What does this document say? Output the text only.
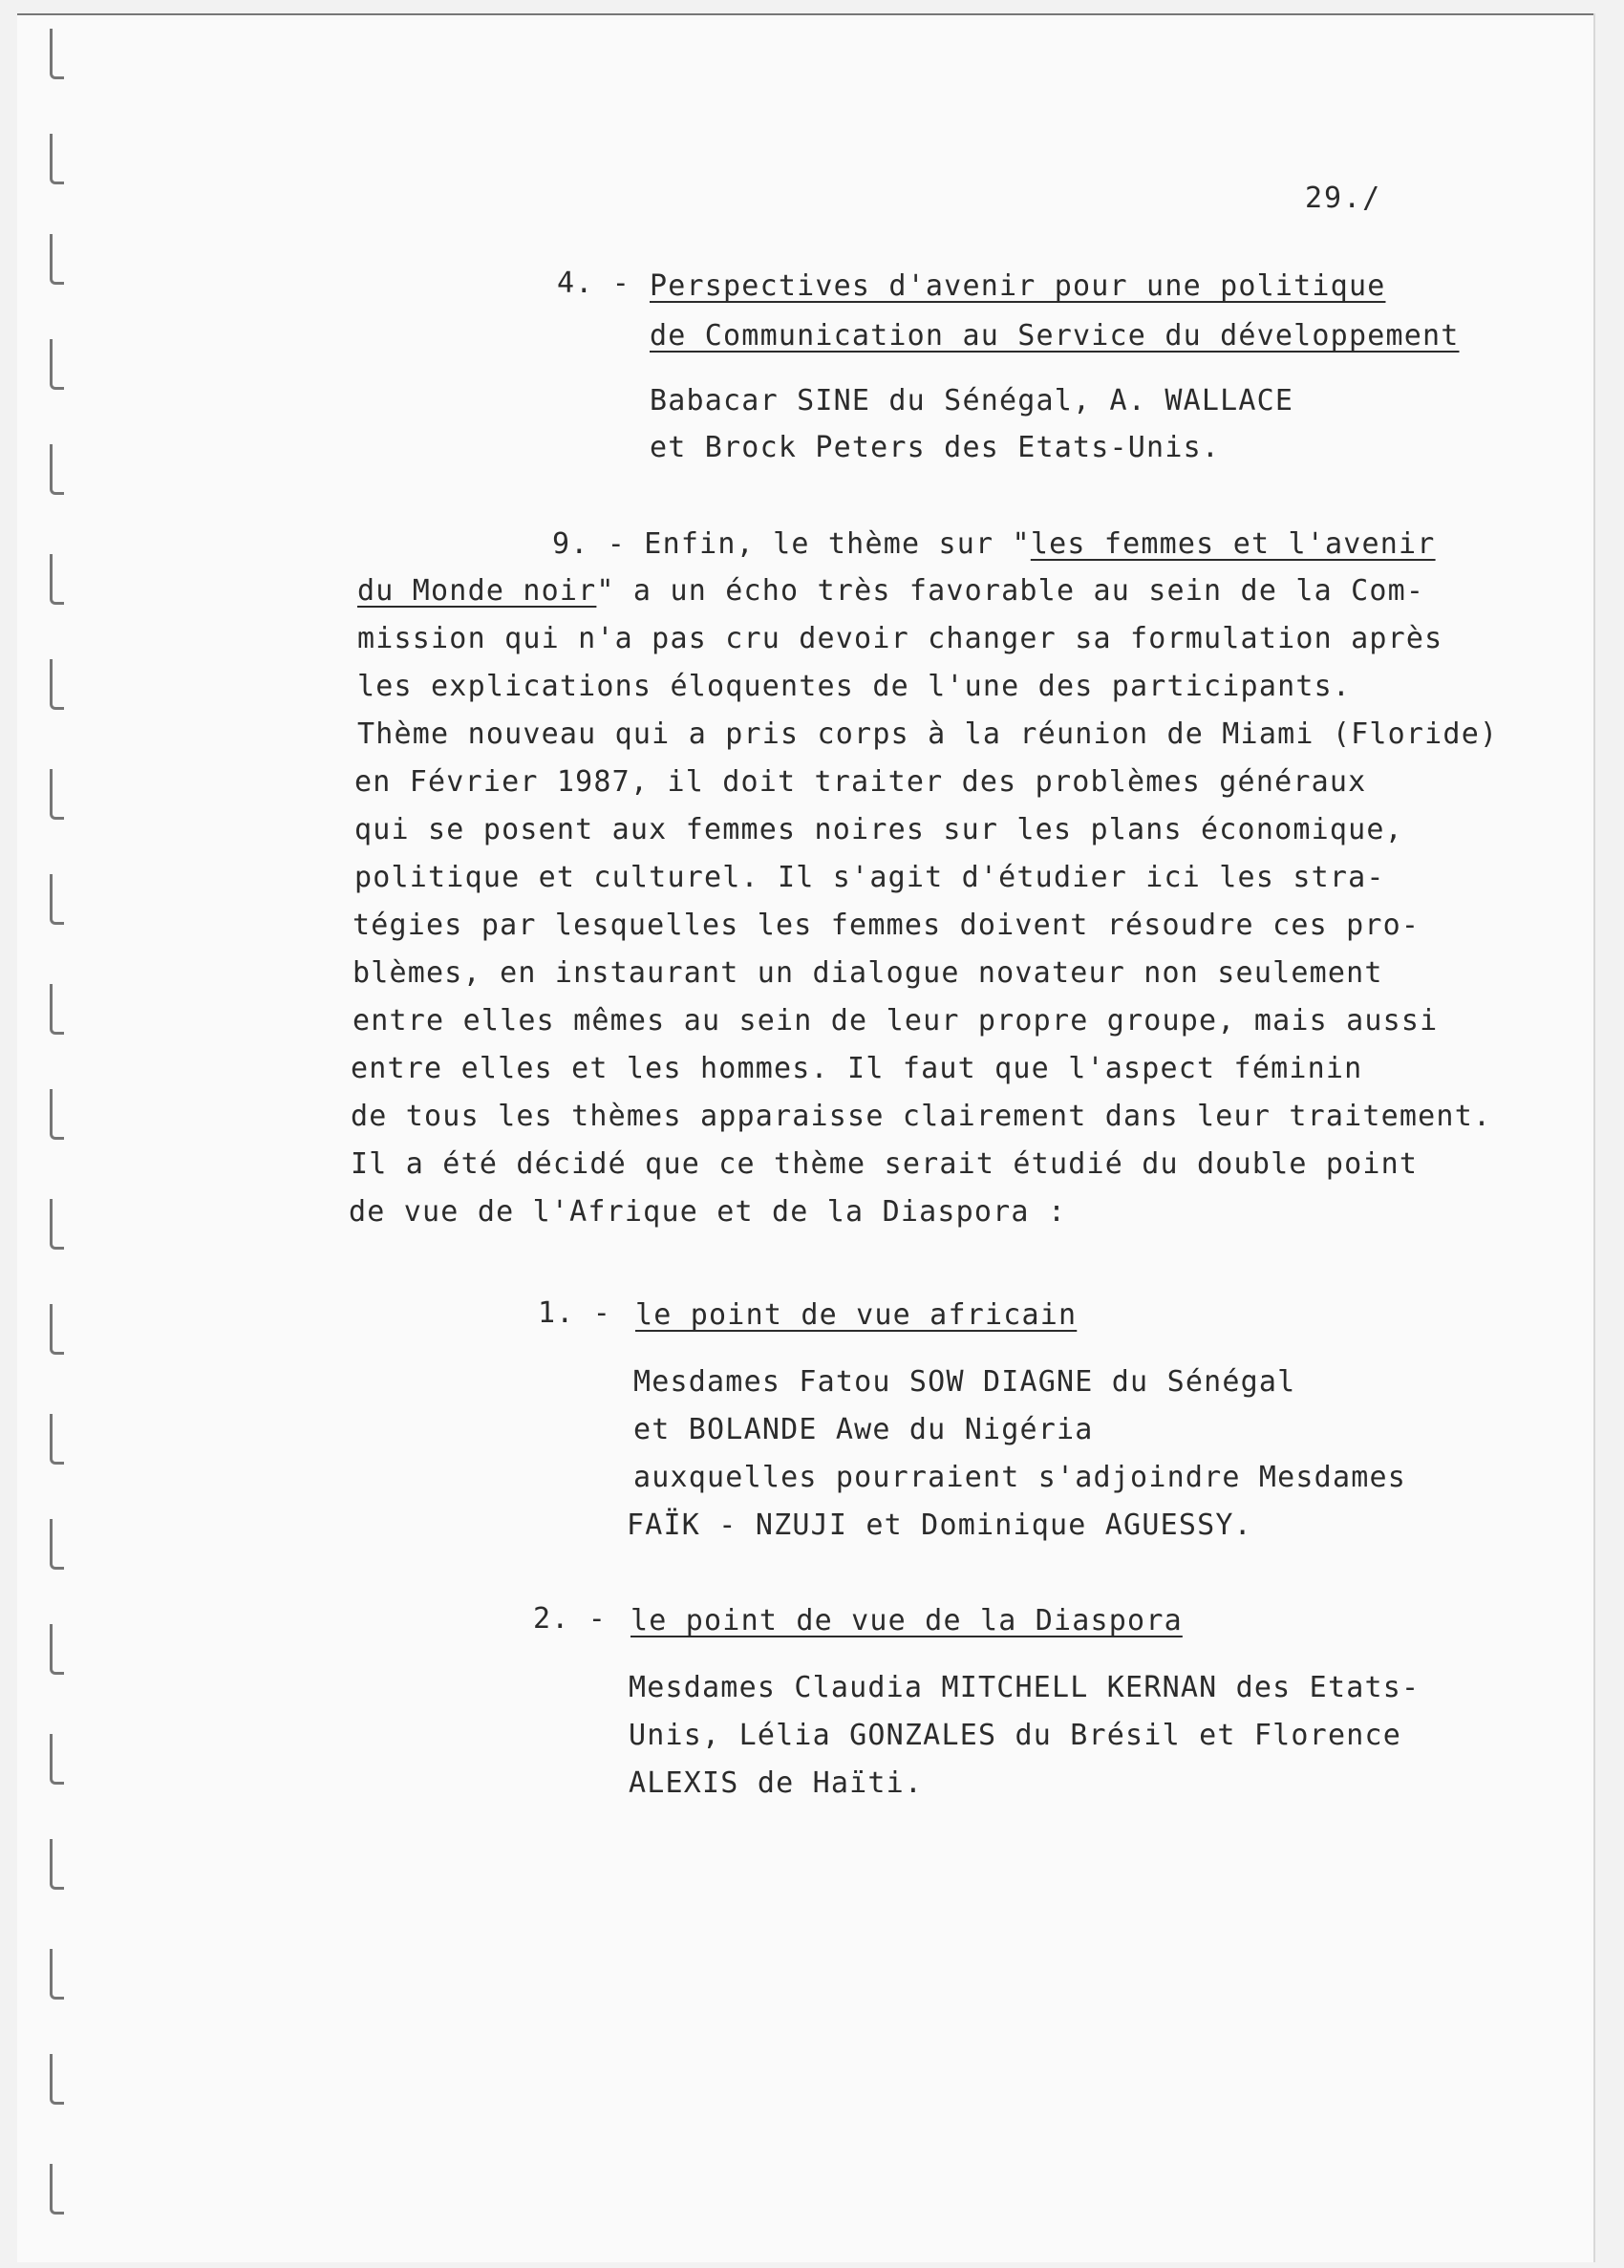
29./
4. - Perspectives d'avenir pour une politique
de Communication au Service du développement
Babacar SINE du Sénégal, A. WALLACE
et Brock Peters des Etats-Unis.
9. - Enfin, le thème sur "les femmes et l'avenir
du Monde noir" a un écho très favorable au sein de la Com-
mission qui n'a pas cru devoir changer sa formulation après
les explications éloquentes de l'une des participants.
Thème nouveau qui a pris corps à la réunion de Miami (Floride)
en Février 1987, il doit traiter des problèmes généraux
qui se posent aux femmes noires sur les plans économique,
politique et culturel. Il s'agit d'étudier ici les stra-
tégies par lesquelles les femmes doivent résoudre ces pro-
blèmes, en instaurant un dialogue novateur non seulement
entre elles mêmes au sein de leur propre groupe, mais aussi
entre elles et les hommes. Il faut que l'aspect féminin
de tous les thèmes apparaisse clairement dans leur traitement.
Il a été décidé que ce thème serait étudié du double point
de vue de l'Afrique et de la Diaspora :
1. - le point de vue africain
Mesdames Fatou SOW DIAGNE du Sénégal
et BOLANDE Awe du Nigéria
auxquelles pourraient s'adjoindre Mesdames
FAÏK - NZUJI et Dominique AGUESSY.
2. - le point de vue de la Diaspora
Mesdames Claudia MITCHELL KERNAN des Etats-
Unis, Lélia GONZALES du Brésil et Florence
ALEXIS de Haïti.
